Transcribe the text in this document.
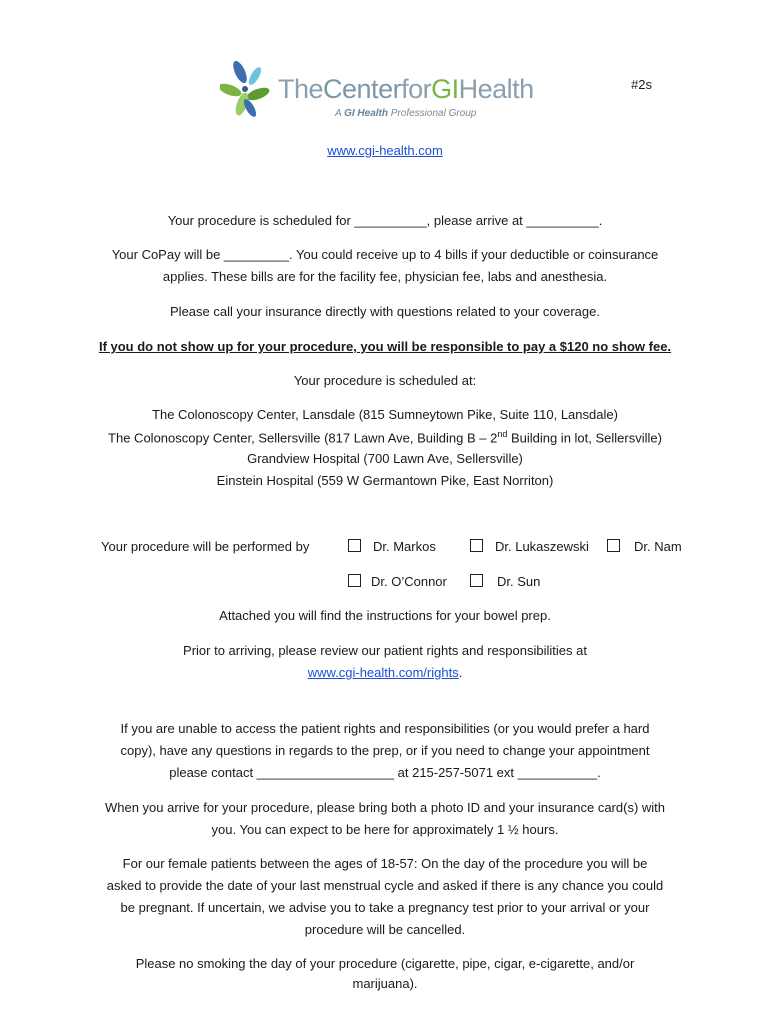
TheCenterforGIHealth
A GI Health Professional Group
#2s
www.cgi-health.com
Your procedure is scheduled for __________, please arrive at __________.
Your CoPay will be _________. You could receive up to 4 bills if your deductible or coinsurance
applies. These bills are for the facility fee, physician fee, labs and anesthesia.
Please call your insurance directly with questions related to your coverage.
If you do not show up for your procedure, you will be responsible to pay a $120 no show fee.
Your procedure is scheduled at:
The Colonoscopy Center, Lansdale (815 Sumneytown Pike, Suite 110, Lansdale)
The Colonoscopy Center, Sellersville (817 Lawn Ave, Building B – 2nd Building in lot, Sellersville)
Grandview Hospital (700 Lawn Ave, Sellersville)
Einstein Hospital (559 W Germantown Pike, East Norriton)
Your procedure will be performed by	Dr. Markos	Dr. Lukaszewski	Dr. Nam
Dr. O’Connor	Dr. Sun
Attached you will find the instructions for your bowel prep.
Prior to arriving, please review our patient rights and responsibilities at
www.cgi-health.com/rights.
If you are unable to access the patient rights and responsibilities (or you would prefer a hard
copy), have any questions in regards to the prep, or if you need to change your appointment
please contact ___________________ at 215-257-5071 ext ___________.
When you arrive for your procedure, please bring both a photo ID and your insurance card(s) with
you. You can expect to be here for approximately 1 ½ hours.
For our female patients between the ages of 18-57: On the day of the procedure you will be
asked to provide the date of your last menstrual cycle and asked if there is any chance you could
be pregnant. If uncertain, we advise you to take a pregnancy test prior to your arrival or your
procedure will be cancelled.
Please no smoking the day of your procedure (cigarette, pipe, cigar, e-cigarette, and/or
marijuana).
